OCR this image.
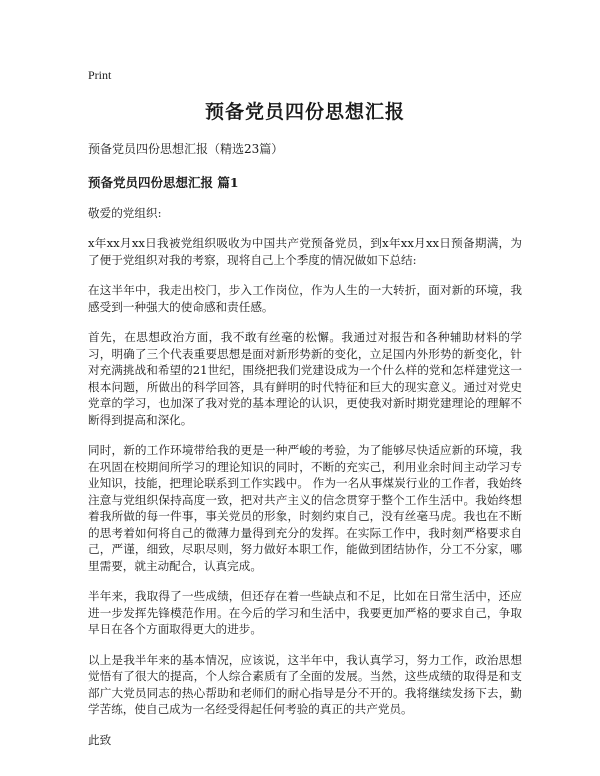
Print
预备党员四份思想汇报
预备党员四份思想汇报（精选23篇）
预备党员四份思想汇报 篇1
敬爱的党组织:

x年xx月xx日我被党组织吸收为中国共产党预备党员，到x年xx月xx日预备期满，为了便于党组织对我的考察，现将自己上个季度的情况做如下总结:

在这半年中，我走出校门，步入工作岗位，作为人生的一大转折，面对新的环境，我感受到一种强大的使命感和责任感。

首先，在思想政治方面，我不敢有丝毫的松懈。我通过对报告和各种辅助材料的学习，明确了三个代表重要思想是面对新形势新的变化，立足国内外形势的新变化，针对充满挑战和希望的21世纪，围绕把我们党建设成为一个什么样的党和怎样建党这一根本问题，所做出的科学回答，具有鲜明的时代特征和巨大的现实意义。通过对党史党章的学习，也加深了我对党的基本理论的认识，更使我对新时期党建理论的理解不断得到提高和深化。

同时，新的工作环境带给我的更是一种严峻的考验，为了能够尽快适应新的环境，我在巩固在校期间所学习的理论知识的同时，不断的充实己，利用业余时间主动学习专业知识，技能，把理论联系到工作实践中。 作为一名从事煤炭行业的工作者，我始终注意与党组织保持高度一致，把对共产主义的信念贯穿于整个工作生活中。我始终想着我所做的每一件事，事关党员的形象，时刻约束自己，没有丝毫马虎。我也在不断的思考着如何将自己的微薄力量得到充分的发挥。在实际工作中，我时刻严格要求自己，严谨，细致，尽职尽则，努力做好本职工作，能做到团结协作，分工不分家，哪里需要，就主动配合，认真完成。

半年来，我取得了一些成绩，但还存在着一些缺点和不足，比如在日常生活中，还应进一步发挥先锋模范作用。在今后的学习和生活中，我要更加严格的要求自己，争取早日在各个方面取得更大的进步。

以上是我半年来的基本情况，应该说，这半年中，我认真学习，努力工作，政治思想觉悟有了很大的提高，个人综合素质有了全面的发展。当然，这些成绩的取得是和支部广大党员同志的热心帮助和老师们的耐心指导是分不开的。我将继续发扬下去，勤学苦练，使自己成为一名经受得起任何考验的真正的共产党员。

此致
